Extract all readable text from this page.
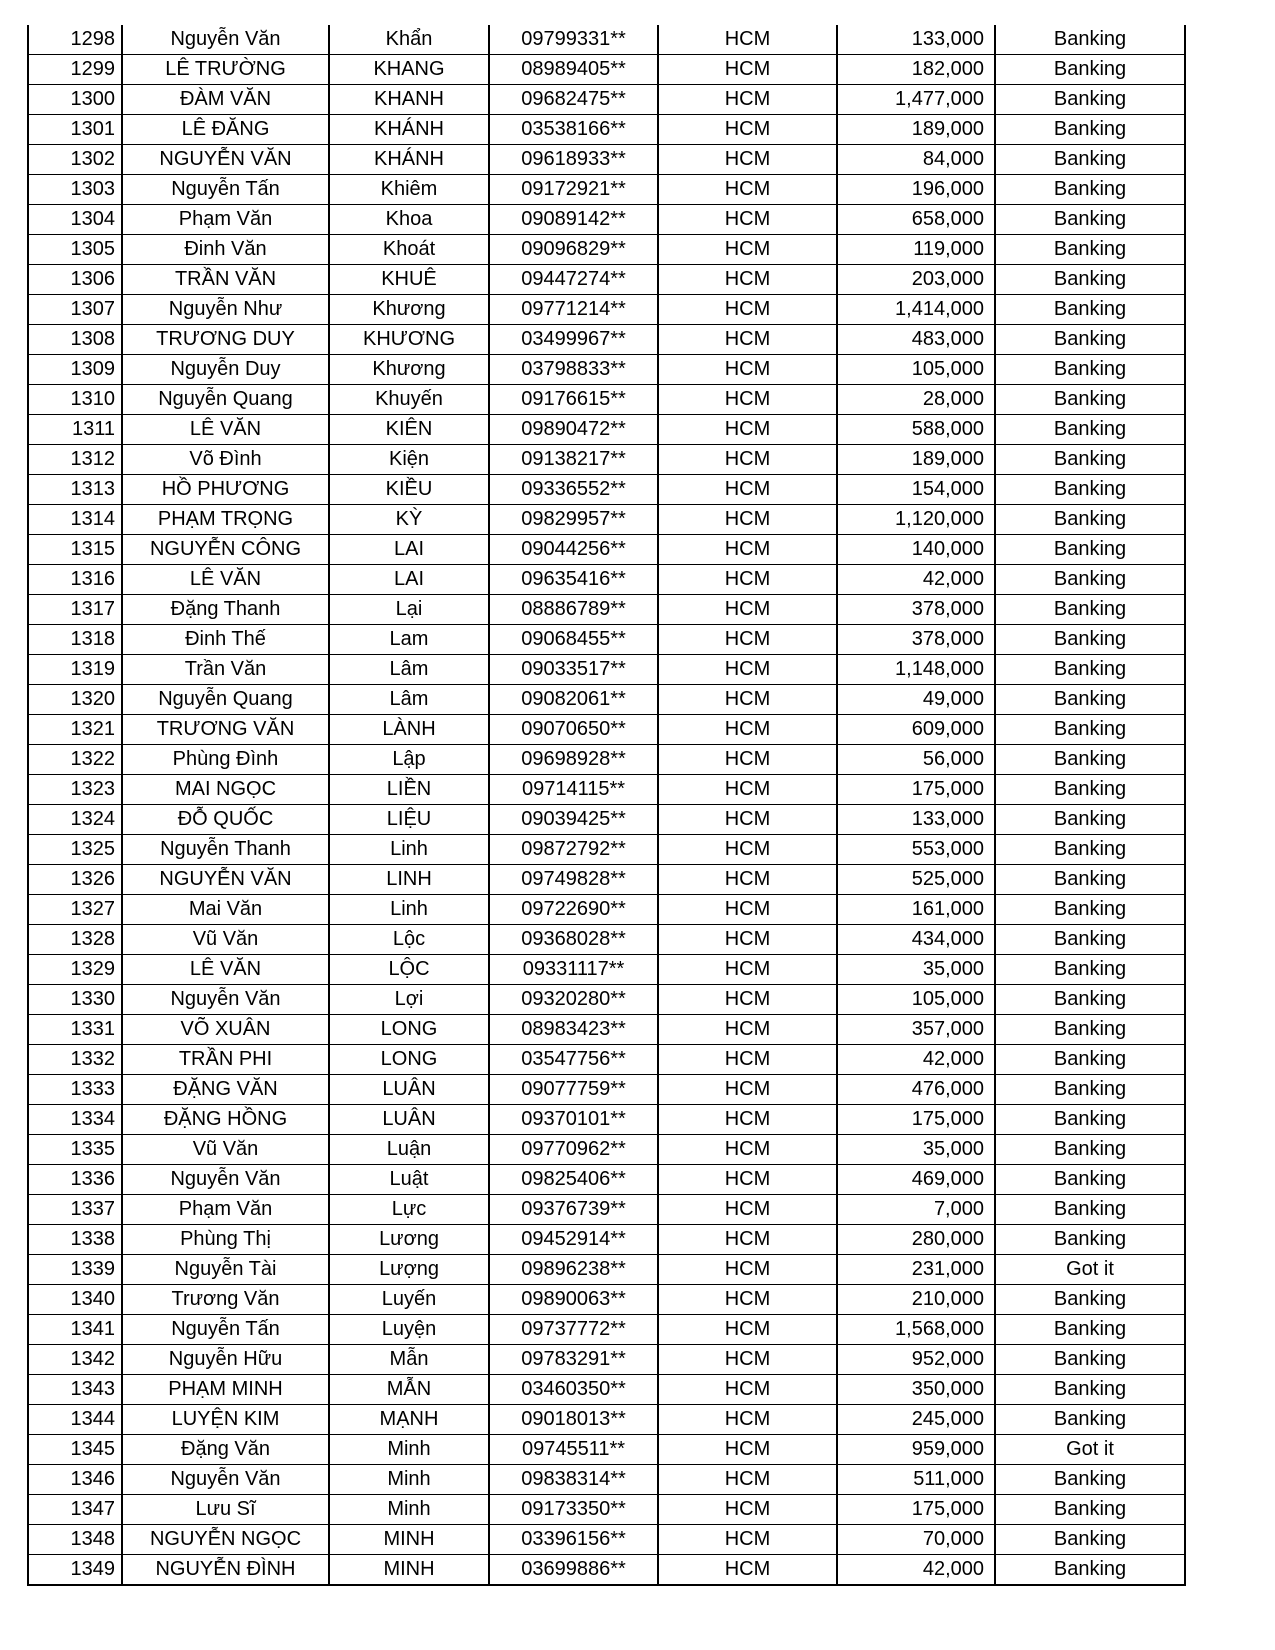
1298	Nguyễn Văn	Khẩn	09799331**	HCM	133,000	Banking
1299	LÊ TRƯỜNG	KHANG	08989405**	HCM	182,000	Banking
1300	ĐÀM VĂN	KHANH	09682475**	HCM	1,477,000	Banking
1301	LÊ ĐĂNG	KHÁNH	03538166**	HCM	189,000	Banking
1302	NGUYỄN VĂN	KHÁNH	09618933**	HCM	84,000	Banking
1303	Nguyễn Tấn	Khiêm	09172921**	HCM	196,000	Banking
1304	Phạm Văn	Khoa	09089142**	HCM	658,000	Banking
1305	Đinh Văn	Khoát	09096829**	HCM	119,000	Banking
1306	TRẦN VĂN	KHUÊ	09447274**	HCM	203,000	Banking
1307	Nguyễn Như	Khương	09771214**	HCM	1,414,000	Banking
1308	TRƯƠNG DUY	KHƯƠNG	03499967**	HCM	483,000	Banking
1309	Nguyễn Duy	Khương	03798833**	HCM	105,000	Banking
1310	Nguyễn Quang	Khuyến	09176615**	HCM	28,000	Banking
1311	LÊ VĂN	KIÊN	09890472**	HCM	588,000	Banking
1312	Võ Đình	Kiện	09138217**	HCM	189,000	Banking
1313	HỒ PHƯƠNG	KIỀU	09336552**	HCM	154,000	Banking
1314	PHẠM TRỌNG	KỲ	09829957**	HCM	1,120,000	Banking
1315	NGUYỄN CÔNG	LAI	09044256**	HCM	140,000	Banking
1316	LÊ VĂN	LAI	09635416**	HCM	42,000	Banking
1317	Đặng Thanh	Lại	08886789**	HCM	378,000	Banking
1318	Đinh Thế	Lam	09068455**	HCM	378,000	Banking
1319	Trần Văn	Lâm	09033517**	HCM	1,148,000	Banking
1320	Nguyễn Quang	Lâm	09082061**	HCM	49,000	Banking
1321	TRƯƠNG VĂN	LÀNH	09070650**	HCM	609,000	Banking
1322	Phùng Đình	Lập	09698928**	HCM	56,000	Banking
1323	MAI NGỌC	LIỀN	09714115**	HCM	175,000	Banking
1324	ĐỖ QUỐC	LIỆU	09039425**	HCM	133,000	Banking
1325	Nguyễn Thanh	Linh	09872792**	HCM	553,000	Banking
1326	NGUYỄN VĂN	LINH	09749828**	HCM	525,000	Banking
1327	Mai Văn	Linh	09722690**	HCM	161,000	Banking
1328	Vũ Văn	Lộc	09368028**	HCM	434,000	Banking
1329	LÊ VĂN	LỘC	09331117**	HCM	35,000	Banking
1330	Nguyễn Văn	Lợi	09320280**	HCM	105,000	Banking
1331	VÕ XUÂN	LONG	08983423**	HCM	357,000	Banking
1332	TRẦN PHI	LONG	03547756**	HCM	42,000	Banking
1333	ĐẶNG VĂN	LUÂN	09077759**	HCM	476,000	Banking
1334	ĐẶNG HỒNG	LUÂN	09370101**	HCM	175,000	Banking
1335	Vũ Văn	Luận	09770962**	HCM	35,000	Banking
1336	Nguyễn Văn	Luật	09825406**	HCM	469,000	Banking
1337	Phạm Văn	Lực	09376739**	HCM	7,000	Banking
1338	Phùng Thị	Lương	09452914**	HCM	280,000	Banking
1339	Nguyễn Tài	Lượng	09896238**	HCM	231,000	Got it
1340	Trương Văn	Luyến	09890063**	HCM	210,000	Banking
1341	Nguyễn Tấn	Luyện	09737772**	HCM	1,568,000	Banking
1342	Nguyễn Hữu	Mẫn	09783291**	HCM	952,000	Banking
1343	PHẠM MINH	MẪN	03460350**	HCM	350,000	Banking
1344	LUYỆN KIM	MẠNH	09018013**	HCM	245,000	Banking
1345	Đặng Văn	Minh	09745511**	HCM	959,000	Got it
1346	Nguyễn Văn	Minh	09838314**	HCM	511,000	Banking
1347	Lưu Sĩ	Minh	09173350**	HCM	175,000	Banking
1348	NGUYỄN NGỌC	MINH	03396156**	HCM	70,000	Banking
1349	NGUYỄN ĐÌNH	MINH	03699886**	HCM	42,000	Banking
